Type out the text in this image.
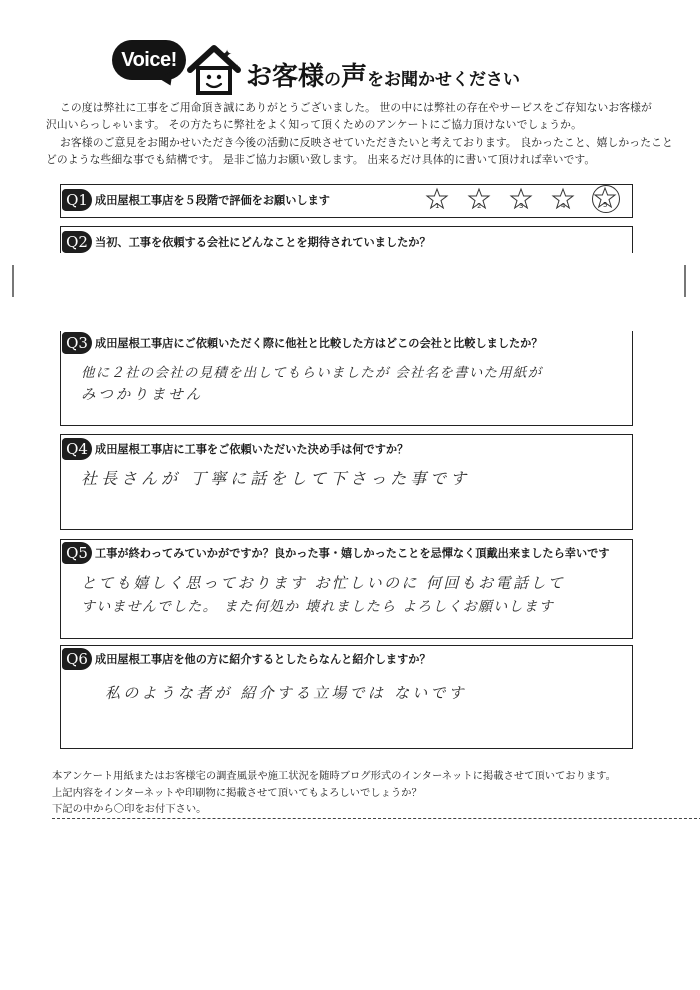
Voice!	✦
✦ お客様の声をお聞かせください

この度は弊社に工事をご用命頂き誠にありがとうございました。 世の中には弊社の存在やサービスをご存知ないお客様が

沢山いらっしゃいます。 その方たちに弊社をよく知って頂くためのアンケートにご協力頂けないでしょうか。

お客様のご意見をお聞かせいただき今後の活動に反映させていただきたいと考えております。 良かったこと、嬉しかったこと

どのような些細な事でも結構です。 是非ご協力お願い致します。 出来るだけ具体的に書いて頂ければ幸いです。

Q1 成田屋根工事店を５段階で評価をお願いします	1	2	3	4	5
Q2 当初、工事を依頼する会社にどんなことを期待されていましたか？
Q3 成田屋根工事店にご依頼いただく際に他社と比較した方はどこの会社と比較しましたか？
他に２社の会社の見積を出してもらいましたが 会社名を書いた用紙が
みつかりません
Q4 成田屋根工事店に工事をご依頼いただいた決め手は何ですか？
社長さんが 丁寧に話をして下さった事です
Q5 工事が終わってみていかがですか？良かった事・嬉しかったことを忌憚なく頂戴出来ましたら幸いです
とても嬉しく思っております お忙しいのに 何回もお電話して
すいませんでした。 また何処か 壊れましたら よろしくお願いします
Q6 成田屋根工事店を他の方に紹介するとしたらなんと紹介しますか？
私のような者が 紹介する立場では ないです

本アンケート用紙またはお客様宅の調査風景や施工状況を随時ブログ形式のインターネットに掲載させて頂いております。

上記内容をインターネットや印刷物に掲載させて頂いてもよろしいでしょうか？

下記の中から〇印をお付下さい。
